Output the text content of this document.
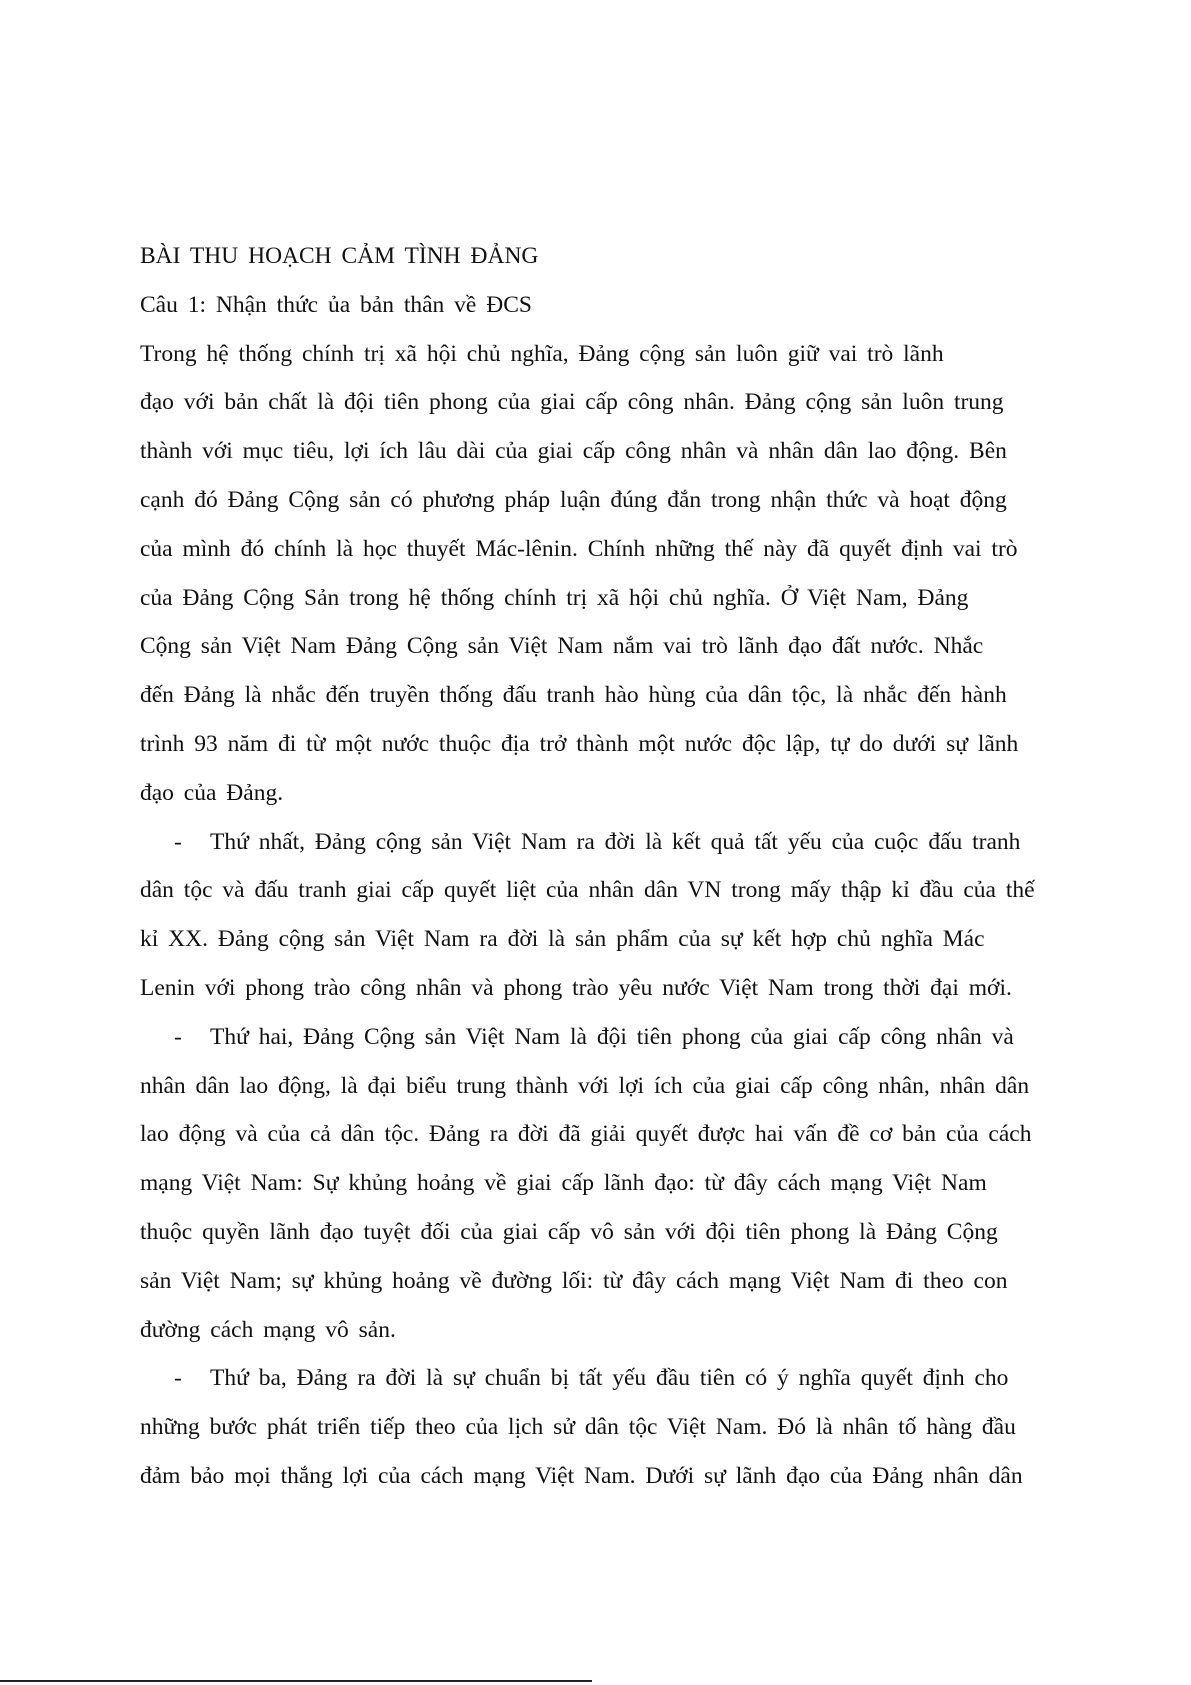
BÀI THU HOẠCH CẢM TÌNH ĐẢNG
Câu 1: Nhận thức ủa bản thân về ĐCS
Trong hệ thống chính trị xã hội chủ nghĩa, Đảng cộng sản luôn giữ vai trò lãnh
đạo với bản chất là đội tiên phong của giai cấp công nhân. Đảng cộng sản luôn trung
thành với mục tiêu, lợi ích lâu dài của giai cấp công nhân và nhân dân lao động. Bên
cạnh đó Đảng Cộng sản có phương pháp luận đúng đắn trong nhận thức và hoạt động
của mình đó chính là học thuyết Mác-lênin. Chính những thế này đã quyết định vai trò
của Đảng Cộng Sản trong hệ thống chính trị xã hội chủ nghĩa. Ở Việt Nam, Đảng
Cộng sản Việt Nam Đảng Cộng sản Việt Nam nắm vai trò lãnh đạo đất nước. Nhắc
đến Đảng là nhắc đến truyền thống đấu tranh hào hùng của dân tộc, là nhắc đến hành
trình 93 năm đi từ một nước thuộc địa trở thành một nước độc lập, tự do dưới sự lãnh
đạo của Đảng.
- Thứ nhất, Đảng cộng sản Việt Nam ra đời là kết quả tất yếu của cuộc đấu tranh
dân tộc và đấu tranh giai cấp quyết liệt của nhân dân VN trong mấy thập kỉ đầu của thế
kỉ XX. Đảng cộng sản Việt Nam ra đời là sản phẩm của sự kết hợp chủ nghĩa Mác
Lenin với phong trào công nhân và phong trào yêu nước Việt Nam trong thời đại mới.
- Thứ hai, Đảng Cộng sản Việt Nam là đội tiên phong của giai cấp công nhân và
nhân dân lao động, là đại biểu trung thành với lợi ích của giai cấp công nhân, nhân dân
lao động và của cả dân tộc. Đảng ra đời đã giải quyết được hai vấn đề cơ bản của cách
mạng Việt Nam: Sự khủng hoảng về giai cấp lãnh đạo: từ đây cách mạng Việt Nam
thuộc quyền lãnh đạo tuyệt đối của giai cấp vô sản với đội tiên phong là Đảng Cộng
sản Việt Nam; sự khủng hoảng về đường lối: từ đây cách mạng Việt Nam đi theo con
đường cách mạng vô sản.
- Thứ ba, Đảng ra đời là sự chuẩn bị tất yếu đầu tiên có ý nghĩa quyết định cho
những bước phát triển tiếp theo của lịch sử dân tộc Việt Nam. Đó là nhân tố hàng đầu
đảm bảo mọi thắng lợi của cách mạng Việt Nam. Dưới sự lãnh đạo của Đảng nhân dân
